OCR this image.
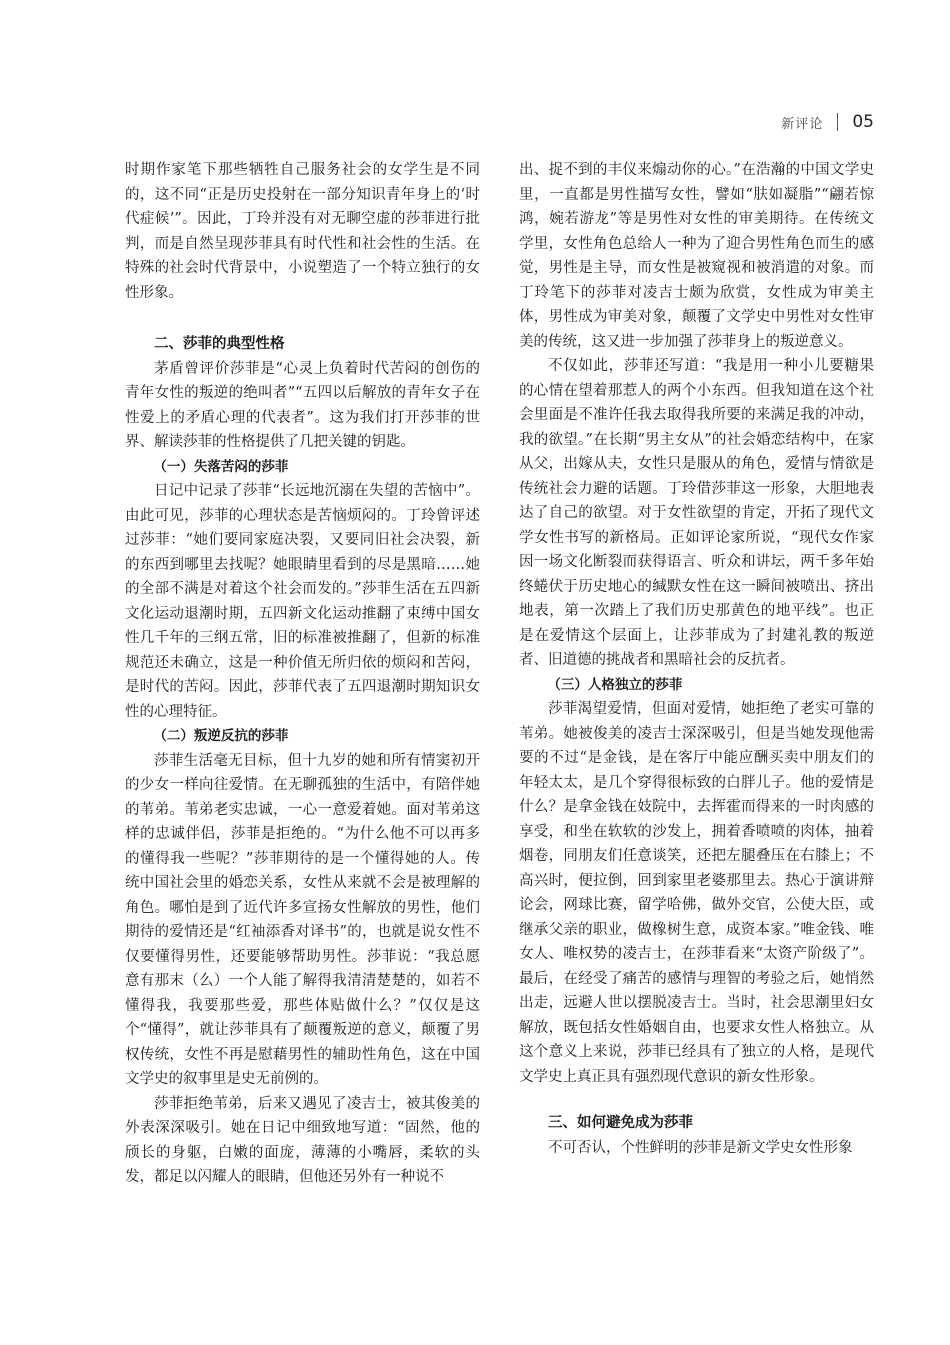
新评论 05

时期作家笔下那些牺牲自己服务社会的女学生是不同的，这不同“正是历史投射在一部分知识青年身上的‘时代症候’”。因此，丁玲并没有对无聊空虚的莎菲进行批判，而是自然呈现莎菲具有时代性和社会性的生活。在特殊的社会时代背景中，小说塑造了一个特立独行的女性形象。

二、莎菲的典型性格

茅盾曾评价莎菲是“心灵上负着时代苦闷的创伤的青年女性的叛逆的绝叫者”“五四以后解放的青年女子在性爱上的矛盾心理的代表者”。这为我们打开莎菲的世界、解读莎菲的性格提供了几把关键的钥匙。

（一）失落苦闷的莎菲

日记中记录了莎菲“长远地沉溺在失望的苦恼中”。由此可见，莎菲的心理状态是苦恼烦闷的。丁玲曾评述过莎菲：“她们要同家庭决裂，又要同旧社会决裂，新的东西到哪里去找呢？她眼睛里看到的尽是黑暗……她的全部不满是对着这个社会而发的。”莎菲生活在五四新文化运动退潮时期，五四新文化运动推翻了束缚中国女性几千年的三纲五常，旧的标准被推翻了，但新的标准规范还未确立，这是一种价值无所归依的烦闷和苦闷，是时代的苦闷。因此，莎菲代表了五四退潮时期知识女性的心理特征。

（二）叛逆反抗的莎菲

莎菲生活毫无目标，但十九岁的她和所有情窦初开的少女一样向往爱情。在无聊孤独的生活中，有陪伴她的苇弟。苇弟老实忠诚，一心一意爱着她。面对苇弟这样的忠诚伴侣，莎菲是拒绝的。“为什么他不可以再多的懂得我一些呢？”莎菲期待的是一个懂得她的人。传统中国社会里的婚恋关系，女性从来就不会是被理解的角色。哪怕是到了近代许多宣扬女性解放的男性，他们期待的爱情还是“红袖添香对译书”的，也就是说女性不仅要懂得男性，还要能够帮助男性。莎菲说：“我总愿意有那末（么）一个人能了解得我清清楚楚的，如若不懂得我，我要那些爱，那些体贴做什么？”仅仅是这个“懂得”，就让莎菲具有了颠覆叛逆的意义，颠覆了男权传统，女性不再是慰藉男性的辅助性角色，这在中国文学史的叙事里是史无前例的。

莎菲拒绝苇弟，后来又遇见了凌吉士，被其俊美的外表深深吸引。她在日记中细致地写道：“固然，他的颀长的身躯，白嫩的面庞，薄薄的小嘴唇，柔软的头发，都足以闪耀人的眼睛，但他还另外有一种说不

出、捉不到的丰仪来煽动你的心。”在浩瀚的中国文学史里，一直都是男性描写女性，譬如“肤如凝脂”“翩若惊鸿，婉若游龙”等是男性对女性的审美期待。在传统文学里，女性角色总给人一种为了迎合男性角色而生的感觉，男性是主导，而女性是被窥视和被消遣的对象。而丁玲笔下的莎菲对凌吉士颇为欣赏，女性成为审美主体，男性成为审美对象，颠覆了文学史中男性对女性审美的传统，这又进一步加强了莎菲身上的叛逆意义。

不仅如此，莎菲还写道：“我是用一种小儿要糖果的心情在望着那惹人的两个小东西。但我知道在这个社会里面是不准许任我去取得我所要的来满足我的冲动，我的欲望。”在长期“男主女从”的社会婚恋结构中，在家从父，出嫁从夫，女性只是服从的角色，爱情与情欲是传统社会力避的话题。丁玲借莎菲这一形象，大胆地表达了自己的欲望。对于女性欲望的肯定，开拓了现代文学女性书写的新格局。正如评论家所说，“现代女作家因一场文化断裂而获得语言、听众和讲坛，两千多年始终蜷伏于历史地心的缄默女性在这一瞬间被喷出、挤出地表，第一次踏上了我们历史那黄色的地平线”。也正是在爱情这个层面上，让莎菲成为了封建礼教的叛逆者、旧道德的挑战者和黑暗社会的反抗者。

（三）人格独立的莎菲

莎菲渴望爱情，但面对爱情，她拒绝了老实可靠的苇弟。她被俊美的凌吉士深深吸引，但是当她发现他需要的不过“是金钱，是在客厅中能应酬买卖中朋友们的年轻太太，是几个穿得很标致的白胖儿子。他的爱情是什么？是拿金钱在妓院中，去挥霍而得来的一时肉感的享受，和坐在软软的沙发上，拥着香喷喷的肉体，抽着烟卷，同朋友们任意谈笑，还把左腿叠压在右膝上；不高兴时，便拉倒，回到家里老婆那里去。热心于演讲辩论会，网球比赛，留学哈佛，做外交官，公使大臣，或继承父亲的职业，做橡树生意，成资本家。”唯金钱、唯女人、唯权势的凌吉士，在莎菲看来“太资产阶级了”。最后，在经受了痛苦的感情与理智的考验之后，她悄然出走，远避人世以摆脱凌吉士。当时，社会思潮里妇女解放，既包括女性婚姻自由，也要求女性人格独立。从这个意义上来说，莎菲已经具有了独立的人格，是现代文学史上真正具有强烈现代意识的新女性形象。

三、如何避免成为莎菲

不可否认，个性鲜明的莎菲是新文学史女性形象
